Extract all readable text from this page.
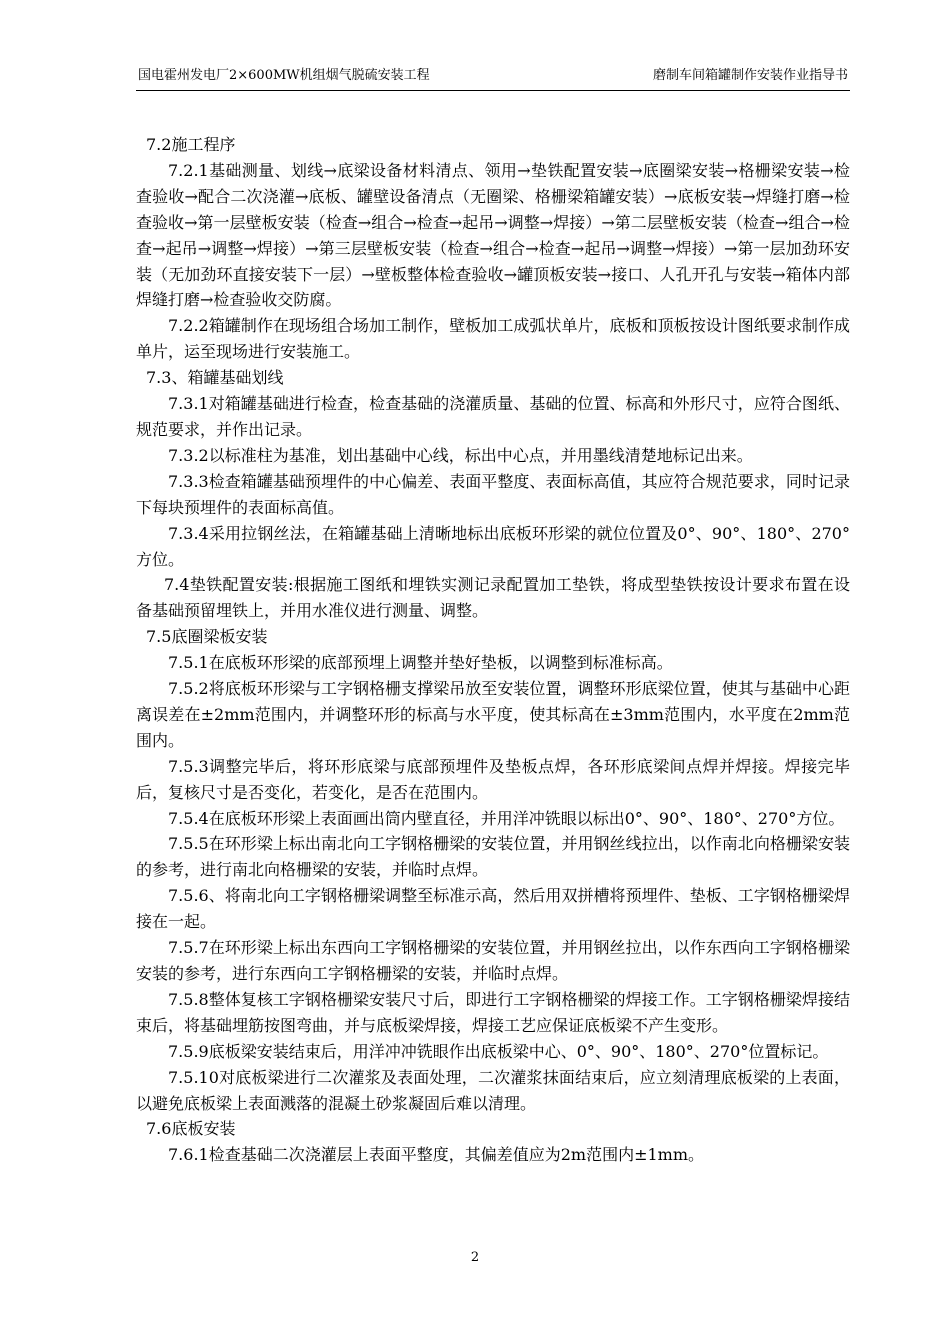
国电霍州发电厂2×600MW机组烟气脱硫安装工程	磨制车间箱罐制作安装作业指导书

7.2施工程序

7.2.1基础测量、划线→底梁设备材料清点、领用→垫铁配置安装→底圈梁安装→格栅梁安装→检查验收→配合二次浇灌→底板、罐壁设备清点（无圈梁、格栅梁箱罐安装）→底板安装→焊缝打磨→检查验收→第一层壁板安装（检查→组合→检查→起吊→调整→焊接）→第二层壁板安装（检查→组合→检查→起吊→调整→焊接）→第三层壁板安装（检查→组合→检查→起吊→调整→焊接）→第一层加劲环安装（无加劲环直接安装下一层）→壁板整体检查验收→罐顶板安装→接口、人孔开孔与安装→箱体内部焊缝打磨→检查验收交防腐。

7.2.2箱罐制作在现场组合场加工制作，壁板加工成弧状单片，底板和顶板按设计图纸要求制作成单片，运至现场进行安装施工。

7.3、箱罐基础划线

7.3.1对箱罐基础进行检查，检查基础的浇灌质量、基础的位置、标高和外形尺寸，应符合图纸、规范要求，并作出记录。

7.3.2以标准柱为基准，划出基础中心线，标出中心点，并用墨线清楚地标记出来。

7.3.3检查箱罐基础预埋件的中心偏差、表面平整度、表面标高值，其应符合规范要求，同时记录下每块预埋件的表面标高值。

7.3.4采用拉钢丝法，在箱罐基础上清晰地标出底板环形梁的就位位置及0°、90°、180°、270°方位。

7.4垫铁配置安装:根据施工图纸和埋铁实测记录配置加工垫铁，将成型垫铁按设计要求布置在设备基础预留埋铁上，并用水准仪进行测量、调整。

7.5底圈梁板安装

7.5.1在底板环形梁的底部预埋上调整并垫好垫板，以调整到标准标高。

7.5.2将底板环形梁与工字钢格栅支撑梁吊放至安装位置，调整环形底梁位置，使其与基础中心距离误差在±2mm范围内，并调整环形的标高与水平度，使其标高在±3mm范围内，水平度在2mm范围内。

7.5.3调整完毕后，将环形底梁与底部预埋件及垫板点焊，各环形底梁间点焊并焊接。焊接完毕后，复核尺寸是否变化，若变化，是否在范围内。

7.5.4在底板环形梁上表面画出筒内壁直径，并用洋冲铣眼以标出0°、90°、180°、270°方位。

7.5.5在环形梁上标出南北向工字钢格栅梁的安装位置，并用钢丝线拉出，以作南北向格栅梁安装的参考，进行南北向格栅梁的安装，并临时点焊。

7.5.6、将南北向工字钢格栅梁调整至标准示高，然后用双拼槽将预埋件、垫板、工字钢格栅梁焊接在一起。

7.5.7在环形梁上标出东西向工字钢格栅梁的安装位置，并用钢丝拉出，以作东西向工字钢格栅梁安装的参考，进行东西向工字钢格栅梁的安装，并临时点焊。

7.5.8整体复核工字钢格栅梁安装尺寸后，即进行工字钢格栅梁的焊接工作。工字钢格栅梁焊接结束后，将基础埋筋按图弯曲，并与底板梁焊接，焊接工艺应保证底板梁不产生变形。

7.5.9底板梁安装结束后，用洋冲冲铣眼作出底板梁中心、0°、90°、180°、270°位置标记。

7.5.10对底板梁进行二次灌浆及表面处理，二次灌浆抹面结束后，应立刻清理底板梁的上表面，以避免底板梁上表面溅落的混凝土砂浆凝固后难以清理。

7.6底板安装

7.6.1检查基础二次浇灌层上表面平整度，其偏差值应为2m范围内±1mm。

2
